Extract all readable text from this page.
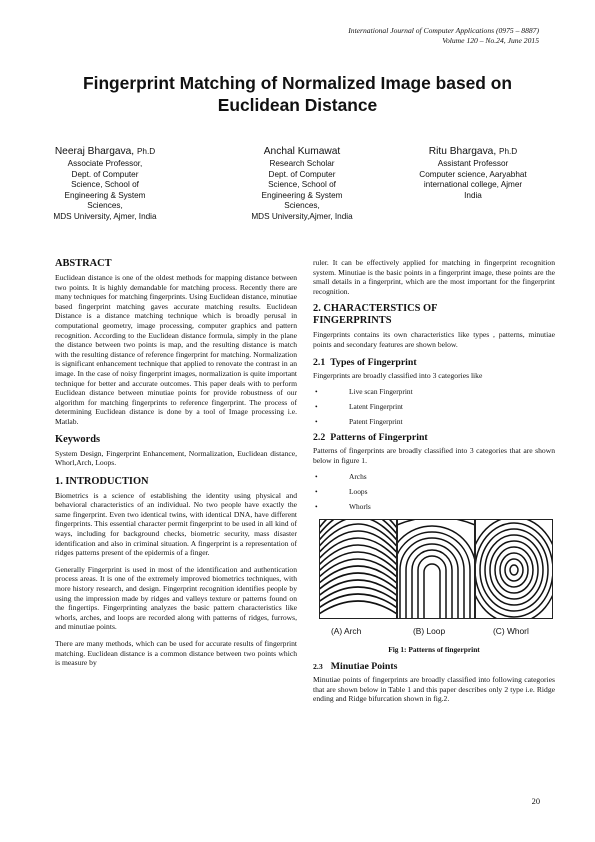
International Journal of Computer Applications (0975 – 8887)
Volume 120 – No.24, June 2015
Fingerprint Matching of Normalized Image based on
Euclidean Distance
Neeraj Bhargava, Ph.D
Associate Professor,
Dept. of Computer
Science, School of
Engineering & System
Sciences,
MDS University, Ajmer, India
Anchal Kumawat
Research Scholar
Dept. of Computer
Science, School of
Engineering & System
Sciences,
MDS University,Ajmer, India
Ritu Bhargava, Ph.D
Assistant Professor
Computer science, Aaryabhat
international college, Ajmer
India
ABSTRACT

Euclidean distance is one of the oldest methods for mapping distance between two points. It is highly demandable for matching process. Recently there are many techniques for matching fingerprints. Using Euclidean distance, minutiae based fingerprint matching gaves accurate matching results. Euclidean Distance is a distance matching technique which is broadly perusal in computational geometry, image processing, computer graphics and pattern recognition. According to the Euclidean distance formula, simply in the plane the distance between two points is map, and the resulting distance is match with the resulting distance of reference fingerprint for matching. Normalization is significant enhancement technique that applied to renovate the contrast in an image. In the case of noisy fingerprint images, normalization is quite important technique for better and accurate outcomes. This paper deals with to perform Euclidean distance between minutiae points for provide robustness of our algorithm for matching fingerprints to reference fingerprint. The process of determining Euclidean distance is done by a tool of Image processing i.e. Matlab.

Keywords

System Design, Fingerprint Enhancement, Normalization, Euclidean distance, Whorl,Arch, Loops.

1. INTRODUCTION

Biometrics is a science of establishing the identity using physical and behavioral characteristics of an individual. No two people have exactly the same fingerprint. Even two identical twins, with identical DNA, have different fingerprints. This essential character permit fingerprint to be used in all kind of ways, including for background checks, biometric security, mass disaster identification and also in criminal situation. A fingerprint is a representation of ridges patterns present of the epidermis of a finger.

Generally Fingerprint is used in most of the identification and authentication process areas. It is one of the extremely improved biometrics techniques, with more history research, and design. Fingerprint recognition identifies people by using the impression made by ridges and valleys texture or patterns found on the fingertips. Fingerprinting analyzes the basic pattern characteristics like whorls, arches, and loops are recorded along with patterns of ridges, furrows, and minutiae points.

There are many methods, which can be used for accurate results of fingerprint matching. Euclidean distance is a common distance between two points which is measure by

ruler. It can be effectively applied for matching in fingerprint recognition system. Minutiae is the basic points in a fingerprint image, these points are the small details in a fingerprint, which are the most important for the fingerprint recognition.

2. CHARACTERSTICS OF
FINGERPRINTS

Fingerprints contains its own characteristics like types , patterns, minutiae points and secondary features are shown below.

2.1 Types of Fingerprint

Fingerprints are broadly classified into 3 categories like

•	Live scan Fingerprint
•	Latent Fingerprint
•	Patent Fingerprint
2.2 Patterns of Fingerprint

Patterns of fingerprints are broadly classified into 3 categories that are shown below in figure 1.

•	Archs
•	Loops
•	Whorls
(A) Arch	(B) Loop	(C) Whorl
Fig 1: Patterns of fingerprint
2.3 Minutiae Points

Minutiae points of fingerprints are broadly classified into following categories that are shown below in Table 1 and this paper describes only 2 type i.e. Ridge ending and Ridge bifurcation shown in fig.2.

20
